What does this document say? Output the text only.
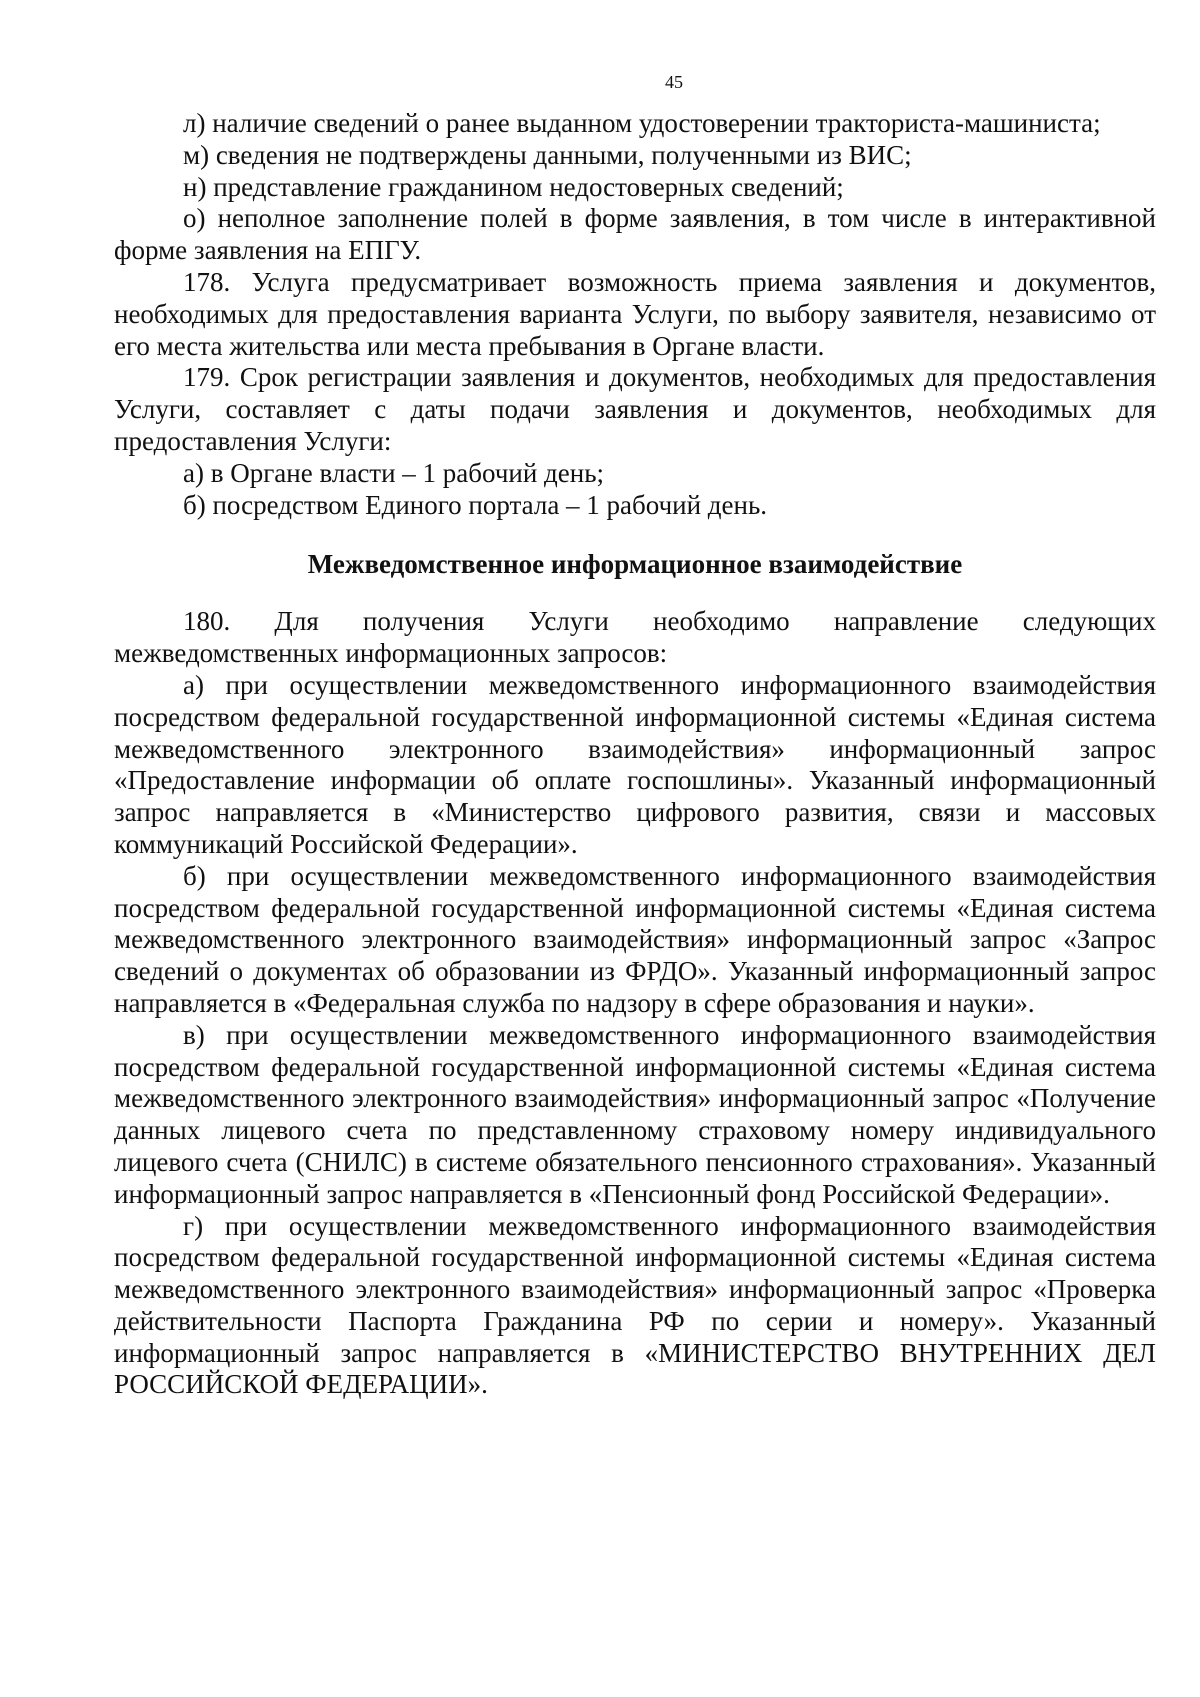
45

л) наличие сведений о ранее выданном удостоверении тракториста-машиниста;

м) сведения не подтверждены данными, полученными из ВИС;

н) представление гражданином недостоверных сведений;

о) неполное заполнение полей в форме заявления, в том числе в интерактивной форме заявления на ЕПГУ.

178. Услуга предусматривает возможность приема заявления и документов, необходимых для предоставления варианта Услуги, по выбору заявителя, независимо от его места жительства или места пребывания в Органе власти.

179. Срок регистрации заявления и документов, необходимых для предоставления Услуги, составляет с даты подачи заявления и документов, необходимых для предоставления Услуги:

а) в Органе власти – 1 рабочий день;

б) посредством Единого портала – 1 рабочий день.

Межведомственное информационное взаимодействие

180. Для получения Услуги необходимо направление следующих межведомственных информационных запросов:

а) при осуществлении межведомственного информационного взаимодействия посредством федеральной государственной информационной системы «Единая система межведомственного электронного взаимодействия» информационный запрос «Предоставление информации об оплате госпошлины». Указанный информационный запрос направляется в «Министерство цифрового развития, связи и массовых коммуникаций Российской Федерации».

б) при осуществлении межведомственного информационного взаимодействия посредством федеральной государственной информационной системы «Единая система межведомственного электронного взаимодействия» информационный запрос «Запрос сведений о документах об образовании из ФРДО». Указанный информационный запрос направляется в «Федеральная служба по надзору в сфере образования и науки».

в) при осуществлении межведомственного информационного взаимодействия посредством федеральной государственной информационной системы «Единая система межведомственного электронного взаимодействия» информационный запрос «Получение данных лицевого счета по представленному страховому номеру индивидуального лицевого счета (СНИЛС) в системе обязательного пенсионного страхования». Указанный информационный запрос направляется в «Пенсионный фонд Российской Федерации».

г) при осуществлении межведомственного информационного взаимодействия посредством федеральной государственной информационной системы «Единая система межведомственного электронного взаимодействия» информационный запрос «Проверка действительности Паспорта Гражданина РФ по серии и номеру». Указанный информационный запрос направляется в «МИНИСТЕРСТВО ВНУТРЕННИХ ДЕЛ РОССИЙСКОЙ ФЕДЕРАЦИИ».
